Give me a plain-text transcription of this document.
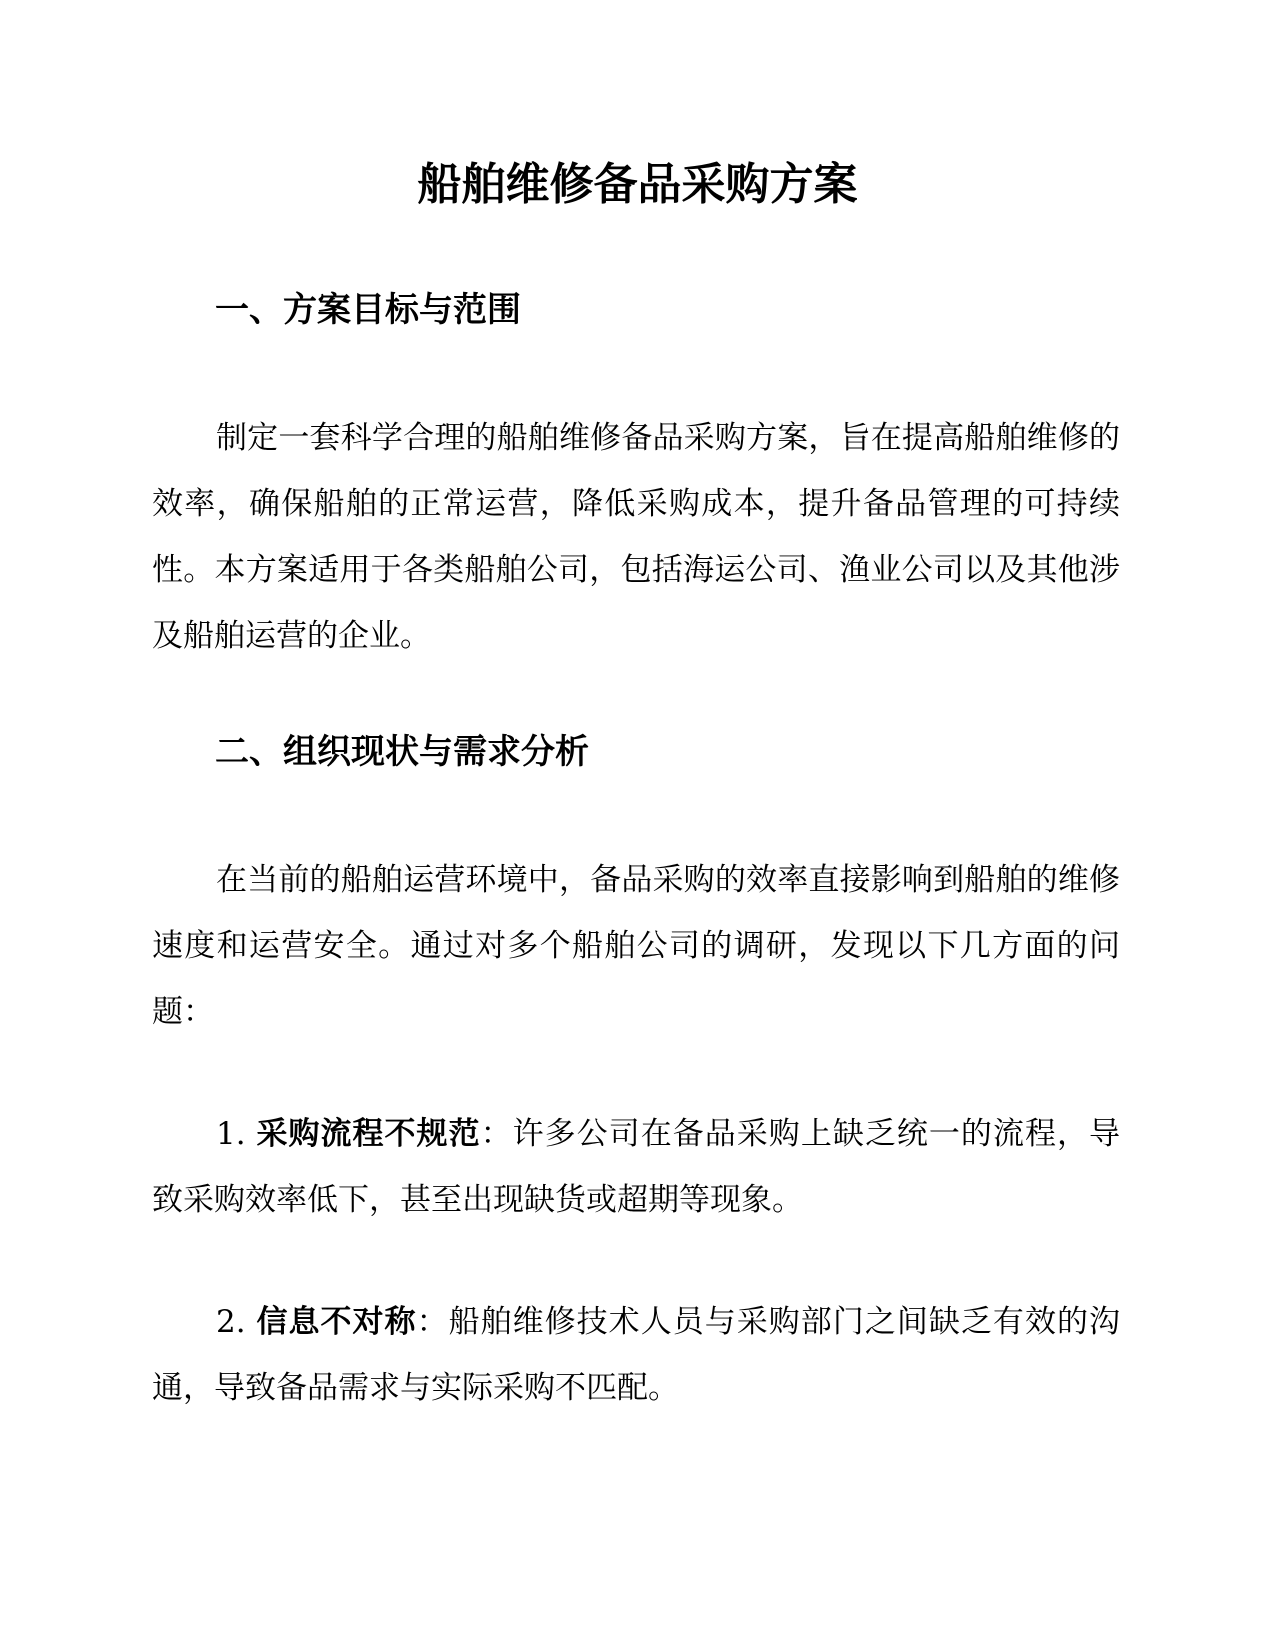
船舶维修备品采购方案
一、方案目标与范围

制定一套科学合理的船舶维修备品采购方案，旨在提高船舶维修的效率，确保船舶的正常运营，降低采购成本，提升备品管理的可持续性。本方案适用于各类船舶公司，包括海运公司、渔业公司以及其他涉及船舶运营的企业。

二、组织现状与需求分析

在当前的船舶运营环境中，备品采购的效率直接影响到船舶的维修速度和运营安全。通过对多个船舶公司的调研，发现以下几方面的问题：

1. 采购流程不规范：许多公司在备品采购上缺乏统一的流程，导致采购效率低下，甚至出现缺货或超期等现象。

2. 信息不对称：船舶维修技术人员与采购部门之间缺乏有效的沟通，导致备品需求与实际采购不匹配。
